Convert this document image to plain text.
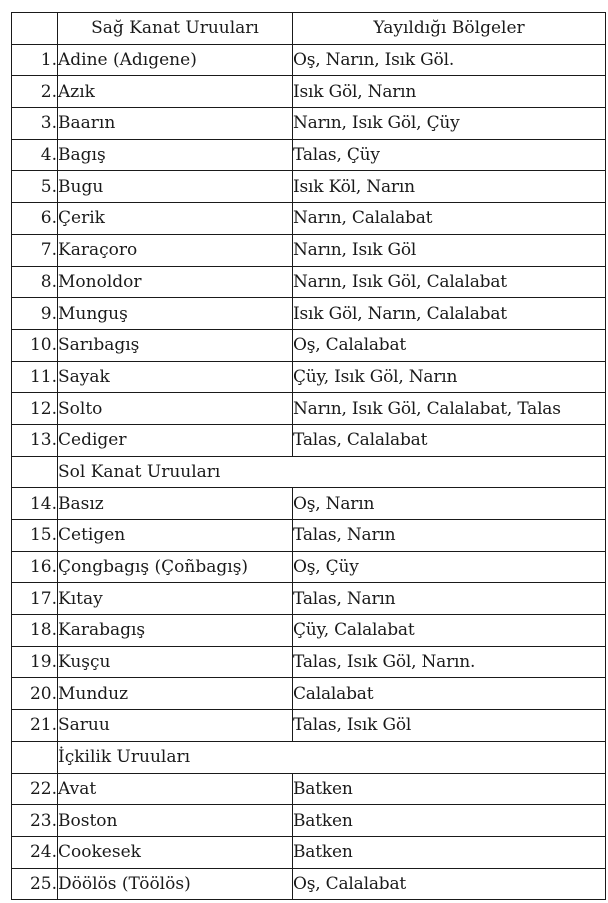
	Sağ Kanat Uruuları	Yayıldığı Bölgeler
1.	Adine (Adıgene)	Oş, Narın, Isık Göl.
2.	Azık	Isık Göl, Narın
3.	Baarın	Narın, Isık Göl, Çüy
4.	Bagış	Talas, Çüy
5.	Bugu	Isık Köl, Narın
6.	Çerik	Narın, Calalabat
7.	Karaçoro	Narın, Isık Göl
8.	Monoldor	Narın, Isık Göl, Calalabat
9.	Munguş	Isık Göl, Narın, Calalabat
10.	Sarıbagış	Oş, Calalabat
11.	Sayak	Çüy, Isık Göl, Narın
12.	Solto	Narın, Isık Göl, Calalabat, Talas
13.	Cediger	Talas, Calalabat
	Sol Kanat Uruuları	
14.	Basız	Oş, Narın
15.	Cetigen	Talas, Narın
16.	Çongbagış (Çoñbagış)	Oş, Çüy
17.	Kıtay	Talas, Narın
18.	Karabagış	Çüy, Calalabat
19.	Kuşçu	Talas, Isık Göl, Narın.
20.	Munduz	Calalabat
21.	Saruu	Talas, Isık Göl
	İçkilik Uruuları	
22.	Avat	Batken
23.	Boston	Batken
24.	Cookesek	Batken
25.	Döölös (Töölös)	Oş, Calalabat
